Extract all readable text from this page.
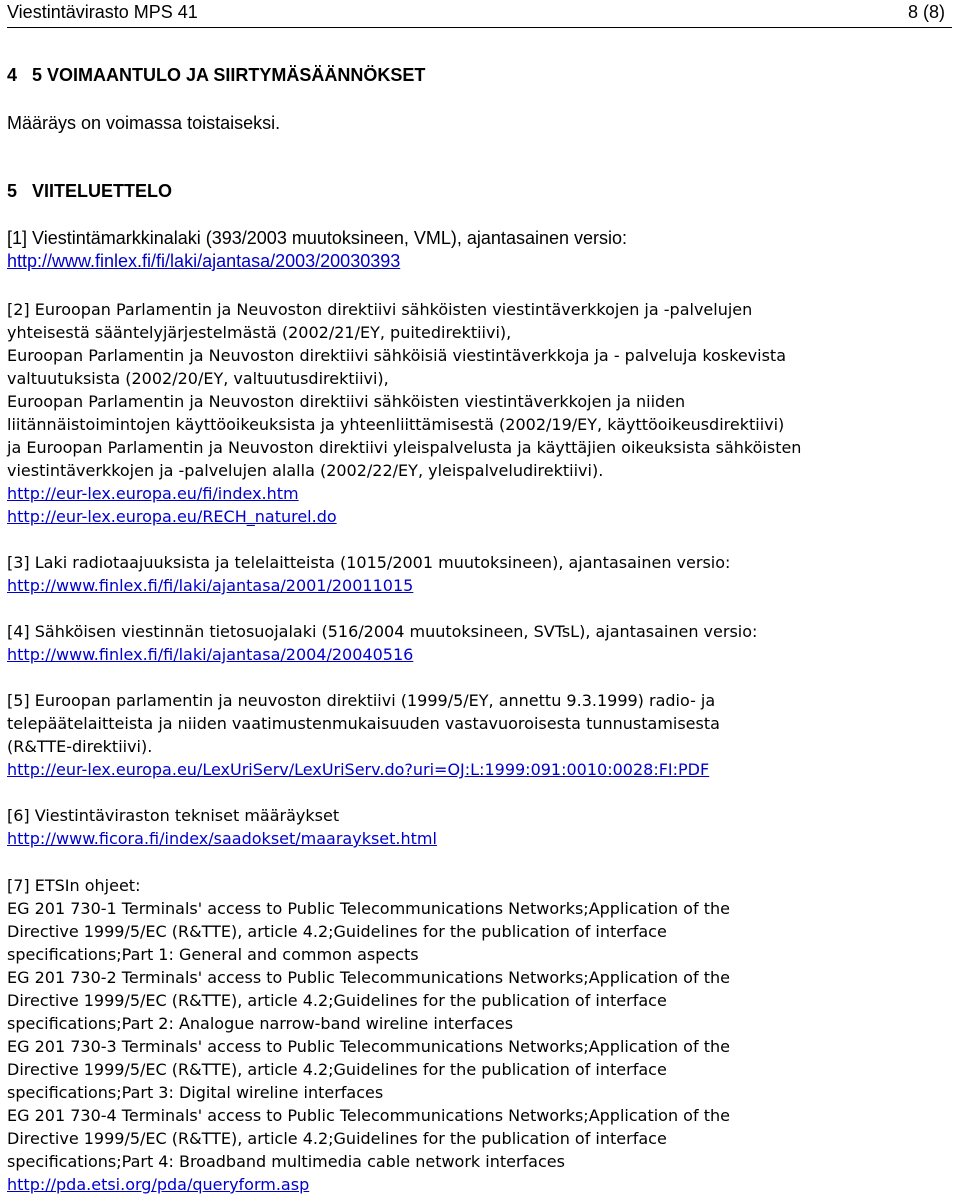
Viestintävirasto MPS 41	8 (8)
4   5 VOIMAANTULO JA SIIRTYMÄSÄÄNNÖKSET
Määräys on voimassa toistaiseksi.
5   VIITELUETTELO
[1] Viestintämarkkinalaki (393/2003 muutoksineen, VML), ajantasainen versio:
http://www.finlex.fi/fi/laki/ajantasa/2003/20030393
[2] Euroopan Parlamentin ja Neuvoston direktiivi sähköisten viestintäverkkojen ja -palvelujen
yhteisestä sääntelyjärjestelmästä (2002/21/EY, puitedirektiivi),
Euroopan Parlamentin ja Neuvoston direktiivi sähköisiä viestintäverkkoja ja - palveluja koskevista
valtuutuksista (2002/20/EY, valtuutusdirektiivi),
Euroopan Parlamentin ja Neuvoston direktiivi sähköisten viestintäverkkojen ja niiden
liitännäistoimintojen käyttöoikeuksista ja yhteenliittämisestä (2002/19/EY, käyttöoikeusdirektiivi)
ja Euroopan Parlamentin ja Neuvoston direktiivi yleispalvelusta ja käyttäjien oikeuksista sähköisten
viestintäverkkojen ja -palvelujen alalla (2002/22/EY, yleispalveludirektiivi).
http://eur-lex.europa.eu/fi/index.htm
http://eur-lex.europa.eu/RECH_naturel.do
[3] Laki radiotaajuuksista ja telelaitteista (1015/2001 muutoksineen), ajantasainen versio:
http://www.finlex.fi/fi/laki/ajantasa/2001/20011015
[4] Sähköisen viestinnän tietosuojalaki (516/2004 muutoksineen, SVTsL), ajantasainen versio:
http://www.finlex.fi/fi/laki/ajantasa/2004/20040516
[5] Euroopan parlamentin ja neuvoston direktiivi (1999/5/EY, annettu 9.3.1999) radio- ja
telepäätelaitteista ja niiden vaatimustenmukaisuuden vastavuoroisesta tunnustamisesta
(R&TTE-direktiivi).
http://eur-lex.europa.eu/LexUriServ/LexUriServ.do?uri=OJ:L:1999:091:0010:0028:FI:PDF
[6] Viestintäviraston tekniset määräykset
http://www.ficora.fi/index/saadokset/maaraykset.html
[7] ETSIn ohjeet:
EG 201 730-1 Terminals' access to Public Telecommunications Networks;Application of the
Directive 1999/5/EC (R&TTE), article 4.2;Guidelines for the publication of interface
specifications;Part 1: General and common aspects
EG 201 730-2 Terminals' access to Public Telecommunications Networks;Application of the
Directive 1999/5/EC (R&TTE), article 4.2;Guidelines for the publication of interface
specifications;Part 2: Analogue narrow-band wireline interfaces
EG 201 730-3 Terminals' access to Public Telecommunications Networks;Application of the
Directive 1999/5/EC (R&TTE), article 4.2;Guidelines for the publication of interface
specifications;Part 3: Digital wireline interfaces
EG 201 730-4 Terminals' access to Public Telecommunications Networks;Application of the
Directive 1999/5/EC (R&TTE), article 4.2;Guidelines for the publication of interface
specifications;Part 4: Broadband multimedia cable network interfaces
http://pda.etsi.org/pda/queryform.asp
